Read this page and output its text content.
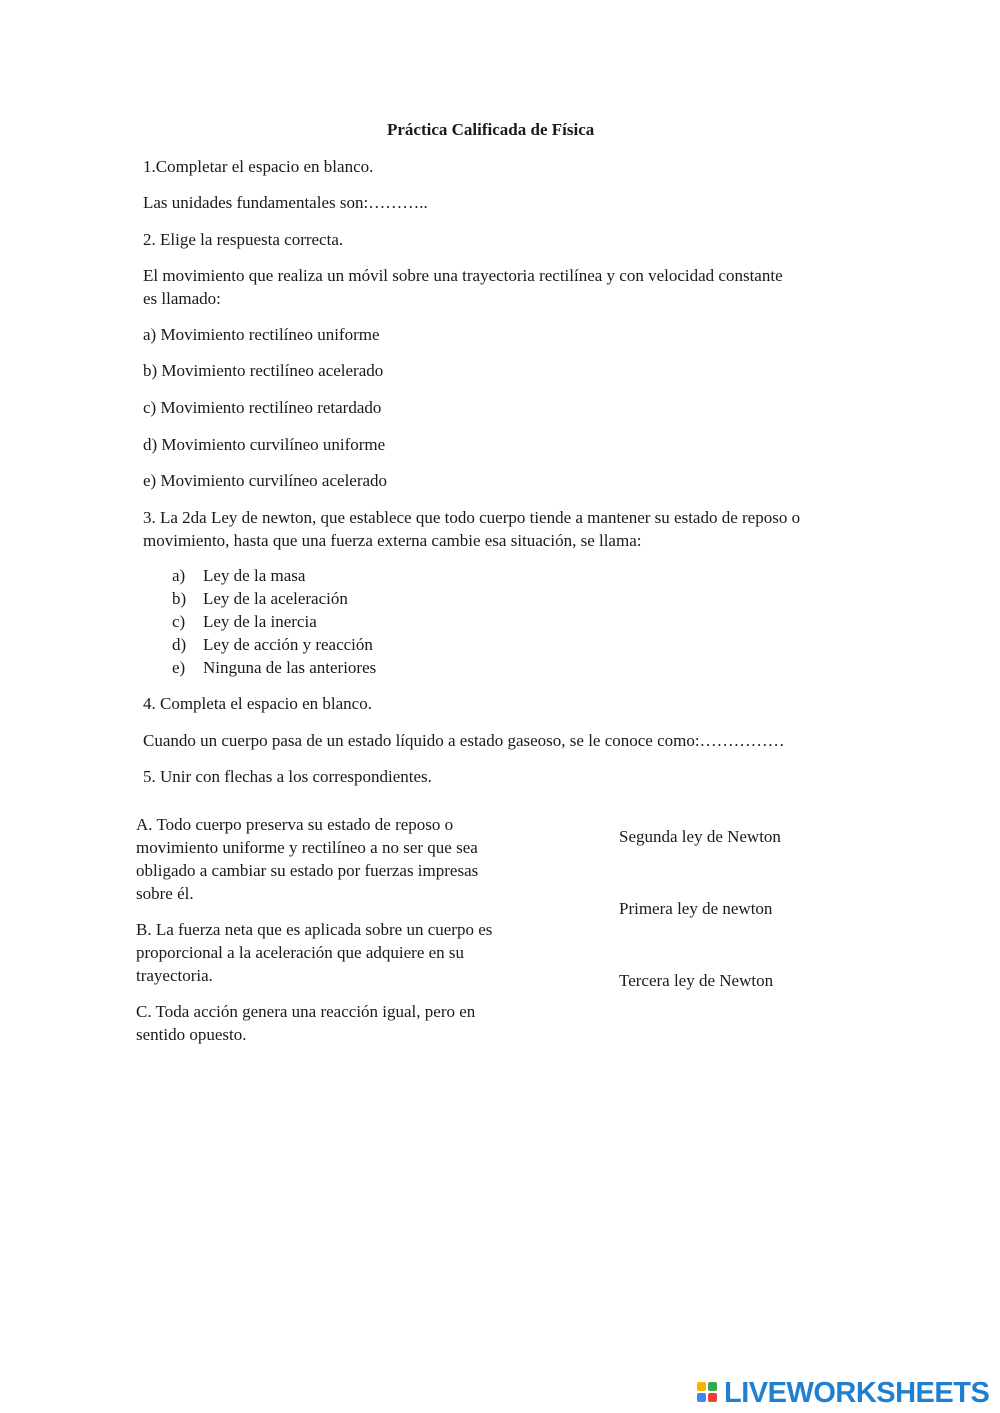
Práctica Calificada de Física
1.Completar el espacio en blanco.
Las unidades fundamentales son:………..
2. Elige la respuesta correcta.
El movimiento que realiza un móvil sobre una trayectoria rectilínea y con velocidad constante
es llamado:
a) Movimiento rectilíneo uniforme
b) Movimiento rectilíneo acelerado
c) Movimiento rectilíneo retardado
d) Movimiento curvilíneo uniforme
e) Movimiento curvilíneo acelerado
3. La 2da Ley de newton, que establece que todo cuerpo tiende a mantener su estado de reposo o
movimiento, hasta que una fuerza externa cambie esa situación, se llama:
a)	Ley de la masa
b) Ley de la aceleración
c)	Ley de la inercia
d) Ley de acción y reacción
e)	Ninguna de las anteriores
4. Completa el espacio en blanco.
Cuando un cuerpo pasa de un estado líquido a estado gaseoso, se le conoce como:……………
5. Unir con flechas a los correspondientes.
A. Todo cuerpo preserva su estado de reposo o
movimiento uniforme y rectilíneo a no ser que sea
obligado a cambiar su estado por fuerzas impresas
sobre él.
B. La fuerza neta que es aplicada sobre un cuerpo es
proporcional a la aceleración que adquiere en su
trayectoria.
C. Toda acción genera una reacción igual, pero en
sentido opuesto.
Segunda ley de Newton
Primera ley de newton
Tercera ley de Newton
LIVEWORKSHEETS
